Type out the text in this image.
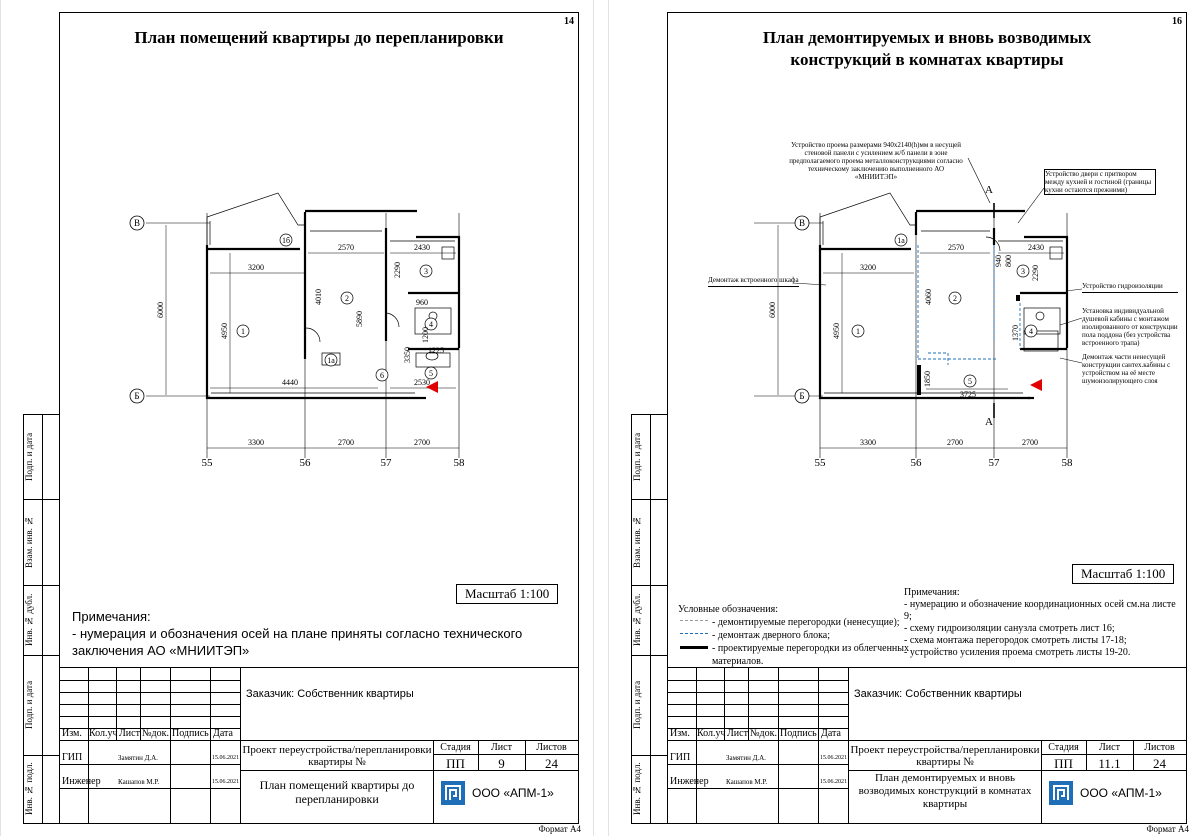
Подп. и дата
Взам. инв. №
Инв. № дубл.
Подп. и дата
Инв. № подл.
14
План помещений квартиры до перепланировки
В
Б
55	56	57	58
1б
1
2
3
4
5
1а
6
2570	2430
3200
4440	2530
3300	2700	2700
960
1225
6000
4950
4010
5890
2290
3350
1200
Масштаб 1:100
Примечания:
- нумерация и обозначения осей на плане приняты согласно технического
заключения АО «МНИИТЭП»
Заказчик: Собственник квартиры
Изм. Кол.уч Лист №док. Подпись Дата
ГИП	Замятин Д.А.	15.06.2021
Инженер Кашапов М.Р.	15.06.2021
Проект переустройства/перепланировки квартиры №
План помещений квартиры до перепланировки
Стадия	Лист	Листов
ПП	9	24
ООО «АПМ-1»
Формат А4
Подп. и дата
Взам. инв. №
Инв. № дубл.
Подп. и дата
Инв. № подл.
16
План демонтируемых и вновь возводимых
конструкций в комнатах квартиры
Устройство проема размерами 940х2140(h)мм в несущей стеновой панели с усилением ж/б панели в зоне предполагаемого проема металлоконструкциями согласно техническому заключению выполненного АО «МНИИТЭП»	Устройство двери с притвором между кухней и гостиной (границы кухни остаются прежними)
Демонтаж встроенного шкафа
Устройство гидроизоляции
Установка индивидуальной душевой кабины с монтажом изолированного от конструкции пола поддона (без устройства встроенного трапа)
Демонтаж части ненесущей конструкции сантех.кабины с устройством на её месте шумоизолирующего слоя
В
Б
А
А
55	56	57	58
1а
1
2
3
4
5
2570	2430
3200
3725
3300	2700	2700
6000
4950
4060
940 800
2290
1370
1850
Масштаб 1:100
Условные обозначения:
- демонтируемые перегородки (ненесущие);
- демонтаж дверного блока;
- проектируемые перегородки из облегченных материалов.
Примечания:
- нумерацию и обозначение координационных осей см.на листе 9;
- схему гидроизоляции санузла смотреть лист 16;
- схема монтажа перегородок смотреть листы 17-18;
- устройство усиления проема смотреть листы 19-20.
Заказчик: Собственник квартиры
Изм. Кол.уч Лист №док. Подпись Дата
ГИП	Замятин Д.А.	15.06.2021
Инженер Кашапов М.Р.	15.06.2021
Проект переустройства/перепланировки квартиры №
План демонтируемых и вновь возводимых конструкций в комнатах квартиры
Стадия	Лист	Листов
ПП	11.1	24
ООО «АПМ-1»
Формат А4
